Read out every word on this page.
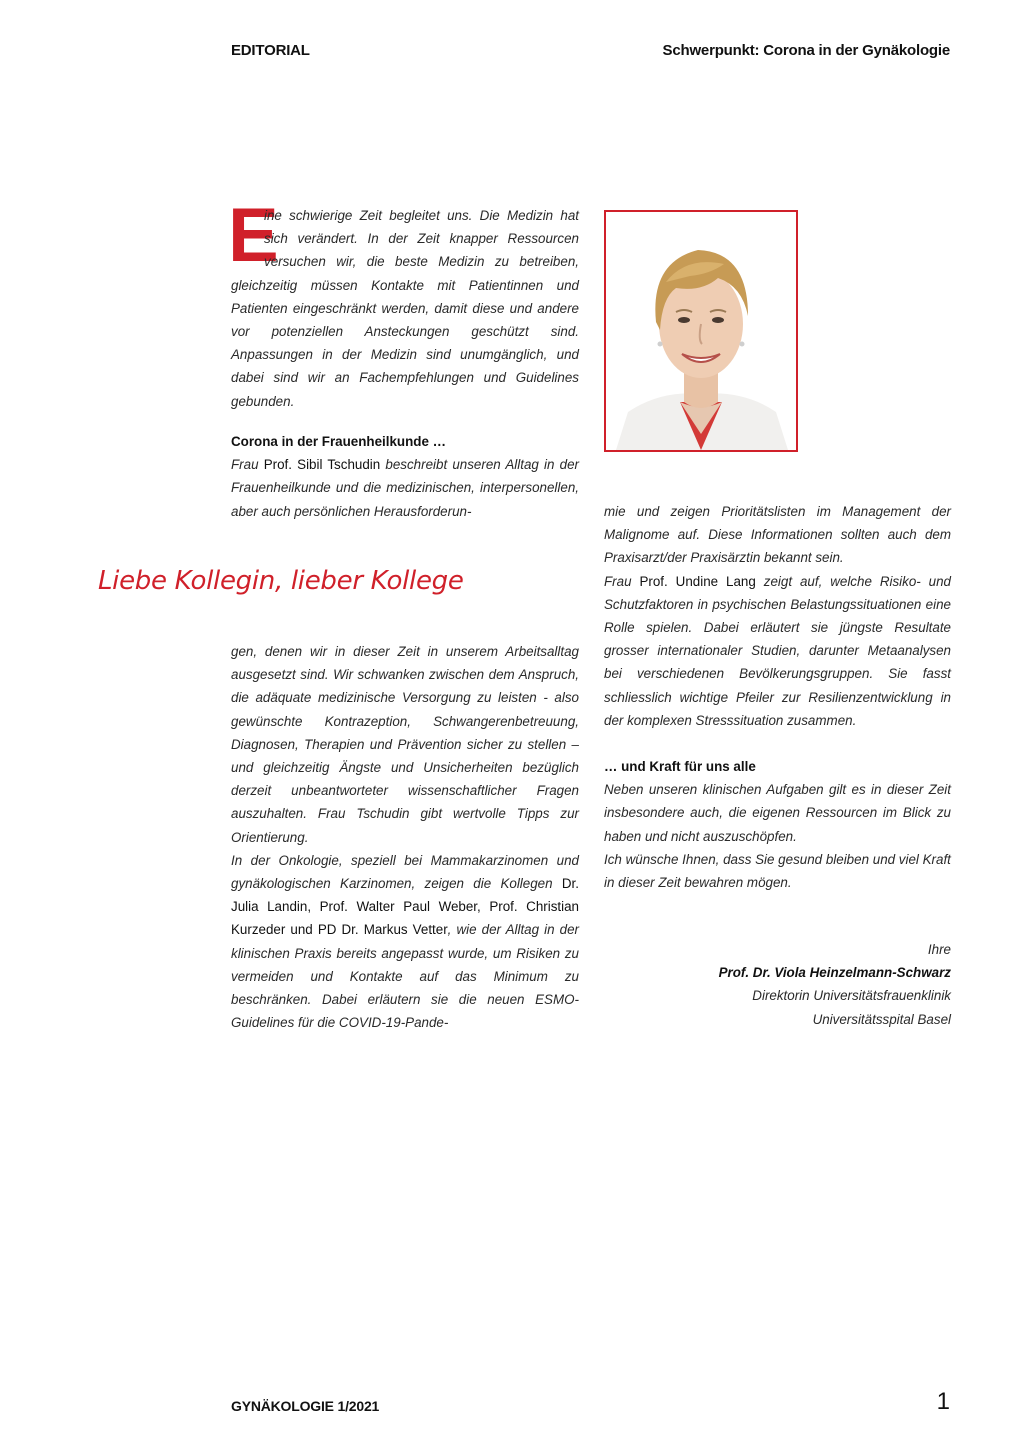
EDITORIAL	Schwerpunkt: Corona in der Gynäkologie
E
ine schwierige Zeit begleitet uns. Die Medizin hat sich verändert. In der Zeit knapper Ressourcen versuchen wir, die beste Medizin zu betreiben, gleichzeitig müssen Kontakte mit Patientinnen und Patienten eingeschränkt werden, damit diese und andere vor potenziellen Ansteckungen geschützt sind. Anpassungen in der Medizin sind unumgänglich, und dabei sind wir an Fachempfehlungen und Guidelines gebunden.

Corona in der Frauenheilkunde …

Frau Prof. Sibil Tschudin beschreibt unseren Alltag in der Frauenheilkunde und die medizinischen, interpersonellen, aber auch persönlichen Herausforderun-

Liebe Kollegin, lieber Kollege

gen, denen wir in dieser Zeit in unserem Arbeitsalltag ausgesetzt sind. Wir schwanken zwischen dem Anspruch, die adäquate medizinische Versorgung zu leisten - also gewünschte Kontrazeption, Schwangerenbetreuung, Diagnosen, Therapien und Prävention sicher zu stellen – und gleichzeitig Ängste und Unsicherheiten bezüglich derzeit unbeantworteter wissenschaftlicher Fragen auszuhalten. Frau Tschudin gibt wertvolle Tipps zur Orientierung.

In der Onkologie, speziell bei Mammakarzinomen und gynäkologischen Karzinomen, zeigen die Kollegen Dr. Julia Landin, Prof. Walter Paul Weber, Prof. Christian Kurzeder und PD Dr. Markus Vetter, wie der Alltag in der klinischen Praxis bereits angepasst wurde, um Risiken zu vermeiden und Kontakte auf das Minimum zu beschränken. Dabei erläutern sie die neuen ESMO-Guidelines für die COVID-19-Pande-

mie und zeigen Prioritätslisten im Management der Malignome auf. Diese Informationen sollten auch dem Praxisarzt/der Praxisärztin bekannt sein.

Frau Prof. Undine Lang zeigt auf, welche Risiko- und Schutzfaktoren in psychischen Belastungssituationen eine Rolle spielen. Dabei erläutert sie jüngste Resultate grosser internationaler Studien, darunter Metaanalysen bei verschiedenen Bevölkerungsgruppen. Sie fasst schliesslich wichtige Pfeiler zur Resilienzentwicklung in der komplexen Stresssituation zusammen.

… und Kraft für uns alle

Neben unseren klinischen Aufgaben gilt es in dieser Zeit insbesondere auch, die eigenen Ressourcen im Blick zu haben und nicht auszuschöpfen.

Ich wünsche Ihnen, dass Sie gesund bleiben und viel Kraft in dieser Zeit bewahren mögen.

Ihre
Prof. Dr. Viola Heinzelmann-Schwarz
Direktorin Universitätsfrauenklinik
Universitätsspital Basel
GYNÄKOLOGIE 1/2021	1
